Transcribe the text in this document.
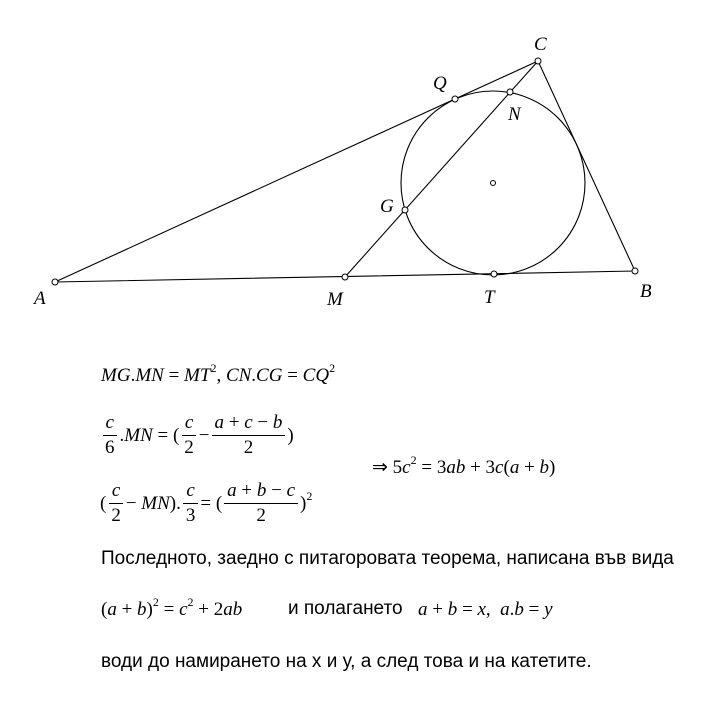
A	B
C
M	T
G
N
Q
$MG.MN = MT^2$, $CN.CG = CQ^2$
$\frac{c}{6} .MN$ = ( $\frac{c}{2} - \frac{a + c - b}{2}$ )
⇒ $5c^2 = 3ab + 3c(a + b)$
( $\frac{c}{2} - MN$). $\frac{c}{3}$ = ( $\frac{a + b - c}{2} )^2$
Последното, заедно с питагоровата теорема, написана във вида
$(a + b)^2 = c^2 + 2ab$ и полагането a + b = x,  a.b = y
води до намирането на х и у, а след това и на катетите.
